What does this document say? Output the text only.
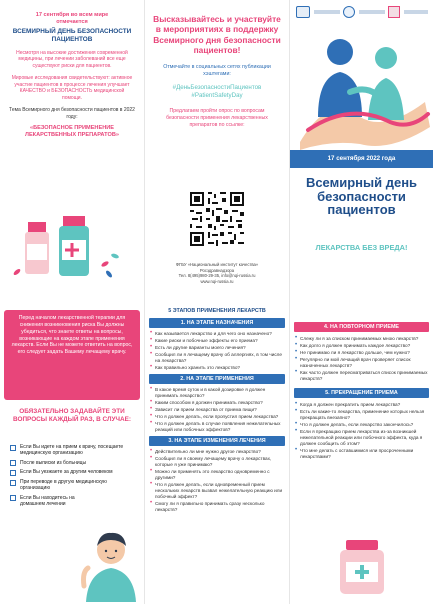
17 сентября во всем мире
отмечается
ВСЕМИРНЫЙ ДЕНЬ БЕЗОПАСНОСТИ ПАЦИЕНТОВ
Несмотря на высокие достижения современной медицины, при лечении заболеваний все еще существуют риски для пациентов.
Мировые исследования свидетельствуют: активное участие пациентов в процессе лечения улучшает КАЧЕСТВО и БЕЗОПАСНОСТЬ медицинской помощи.
Тема Всемирного дня безопасности пациентов в 2022 году:
«БЕЗОПАСНОЕ ПРИМЕНЕНИЕ ЛЕКАРСТВЕННЫХ ПРЕПАРАТОВ»
Высказывайтесь и участвуйте в мероприятиях в поддержку Всемирного дня безопасности пациентов!
Отмечайте в социальных сетях публикации хэштегами:
#ДеньБезопасностиПациентов
#PatientSafetyDay
Предлагаем пройти опрос по вопросам безопасности применения лекарственных препаратов по ссылке:
ФГБУ «Национальный институт качества»
Росздравнадзора
Тел. 8(495)980-29-35, info@nqi-russia.ru
www.nqi-russia.ru
17 сентября 2022 года
Всемирный день безопасности пациентов
ЛЕКАРСТВА БЕЗ ВРЕДА!
Перед началом лекарственной терапии для снижения возникновения риска Вы должны убедиться, что знаете ответы на вопросы, возникающие на каждом этапе применения лекарств. Если Вы не можете ответить на вопрос, его следует задать Вашему лечащему врачу.
ОБЯЗАТЕЛЬНО ЗАДАВАЙТЕ ЭТИ ВОПРОСЫ КАЖДЫЙ РАЗ, В СЛУЧАЕ:
Если Вы идете на прием к врачу, посещаете медицинскую организацию
После выписки из больницы
Если Вы уезжаете за другим человеком
При переводе в другую медицинскую организацию
Если Вы находитесь на домашнем лечении
5 ЭТАПОВ ПРИМЕНЕНИЯ ЛЕКАРСТВ
1. НА ЭТАПЕ НАЗНАЧЕНИЯ
• Как называется лекарство и для чего оно назначено?
• Какие риски и побочные эффекты его приема?
• Есть ли другие варианты моего лечения?
• Сообщил ли я лечащему врачу об аллергиях, в том числе на лекарства?
• Как правильно хранить это лекарство?
2. НА ЭТАПЕ ПРИМЕНЕНИЯ
• В какое время суток и в какой дозировке я должен принимать лекарство?
• Каким способом я должен принимать лекарство?
• Зависит ли прием лекарства от приема пищи?
• Что я должен делать, если пропустил прием лекарства?
• Что я должен делать в случае появления нежелательных реакций или побочных эффектов?
3. НА ЭТАПЕ ИЗМЕНЕНИЯ ЛЕЧЕНИЯ
• Действительно ли мне нужно другое лекарство?
• Сообщил ли я своему лечащему врачу о лекарствах, которые я уже принимаю?
• Можно ли применять это лекарство одновременно с другими?
• Что я должен делать, если одновременный прием нескольких лекарств вызвал нежелательную реакцию или побочный эффект?
• Смогу ли я правильно принимать сразу несколько лекарств?
4. НА ПОВТОРНОМ ПРИЕМЕ
• Слежу ли я за списком принимаемых мною лекарств?
• Как долго я должен принимать каждое лекарство?
• Не принимаю ли я лекарство дольше, чем нужно?
• Регулярно ли мой лечащий врач проверяет список назначенных лекарств?
• Как часто должен пересматриваться список принимаемых лекарств?
5. ПРЕКРАЩЕНИЕ ПРИЕМА
• Когда я должен прекратить прием лекарства?
• Есть ли какие-то лекарства, применение которых нельзя прекращать внезапно?
• Что я должен делать, если лекарство закончилось?
• Если я прекращаю прием лекарства из-за возникшей нежелательной реакции или побочного эффекта, куда я должен сообщить об этом?
• Что мне делать с оставшимися или просроченными лекарствами?
